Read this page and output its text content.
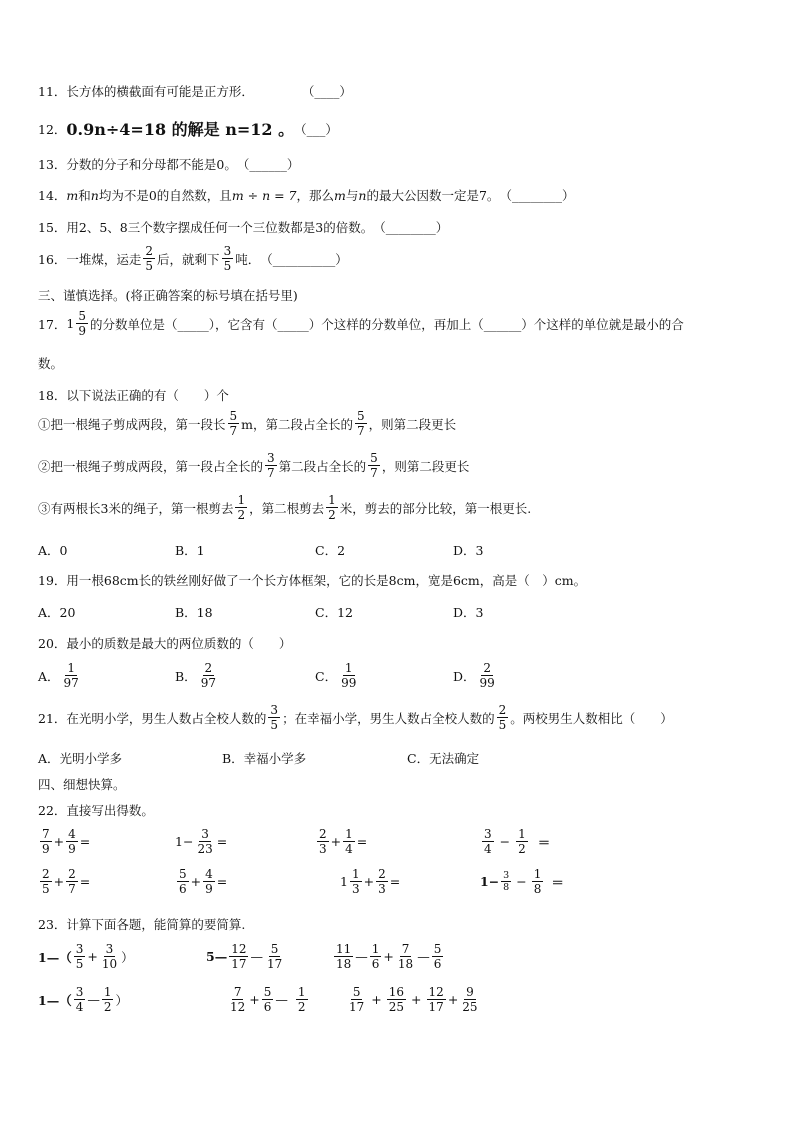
11．长方体的横截面有可能是正方形．	（____）
12． 0.9n÷4=18 的解是 n=12 。 （___）
13．分数的分子和分母都不能是0。 （______）
14． m 和 n 均为不是0的自然数，且 m ÷ n = 7 ，那么 m 与 n 的最大公因数一定是7。 （________）
15．用2、5、8三个数字摆成任何一个三位数都是3的倍数。 （________）
16．一堆煤，运走 $\frac{2}{5}$ 后，就剩下 $\frac{3}{5}$ 吨． （__________）
三、谨慎选择。(将正确答案的标号填在括号里)
17． $1 \frac{5}{9}$ 的分数单位是（_____），它含有（_____）个这样的分数单位，再加上（______）个这样的单位就是最小的合
数。
18．以下说法正确的有（　　）个
①把一根绳子剪成两段，第一段长 $\frac{5}{7}$ m，第二段占全长的 $\frac{5}{7}$ ，则第二段更长
②把一根绳子剪成两段，第一段占全长的 $\frac{3}{7}$ 第二段占全长的 $\frac{5}{7}$ ，则第二段更长
③有两根长3米的绳子，第一根剪去 $\frac{1}{2}$ ，第二根剪去 $\frac{1}{2}$ 米，剪去的部分比较，第一根更长.
A．0	B．1	C．2	D．3
19．用一根68cm长的铁丝刚好做了一个长方体框架，它的长是8cm，宽是6cm，高是（　）cm。
A．20	B．18	C．12	D．3
20．最小的质数是最大的两位质数的（　　）
A． $\frac{1}{97}$	B． $\frac{2}{97}$	C． $\frac{1}{99}$	D． $\frac{2}{99}$
21．在光明小学，男生人数占全校人数的 $\frac{3}{5}$ ；在幸福小学，男生人数占全校人数的 $\frac{2}{5}$ 。两校男生人数相比（　　）
A．光明小学多	B．幸福小学多	C．无法确定
四、细想快算。
22．直接写出得数。
$\frac{7}{9} + \frac{4}{9}$ =	$1- \frac{3}{23}$ =	$\frac{2}{3} + \frac{1}{4}$ =	$\frac{3}{4} - \frac{1}{2}$ ＝
$\frac{2}{5} + \frac{2}{7}$ =	$\frac{5}{6} + \frac{4}{9}$ =	$1 \frac{1}{3} + \frac{2}{3}$ =	$1- \frac{3}{8} - \frac{1}{8}$ ＝
23．计算下面各题，能简算的要简算.
1—（ $\frac{3}{5} + \frac{3}{10}$ ）	5— $\frac{12}{17}$ — $\frac{5}{17}$	$\frac{11}{18}$ — $\frac{1}{6} + \frac{7}{18}$ — $\frac{5}{6}$
1—（ $\frac{3}{4}$ — $\frac{1}{2}$ ）	$\frac{7}{12} + \frac{5}{6}$ — $\frac{1}{2}$	$\frac{5}{17} + \frac{16}{25} + \frac{12}{17} + \frac{9}{25}$
